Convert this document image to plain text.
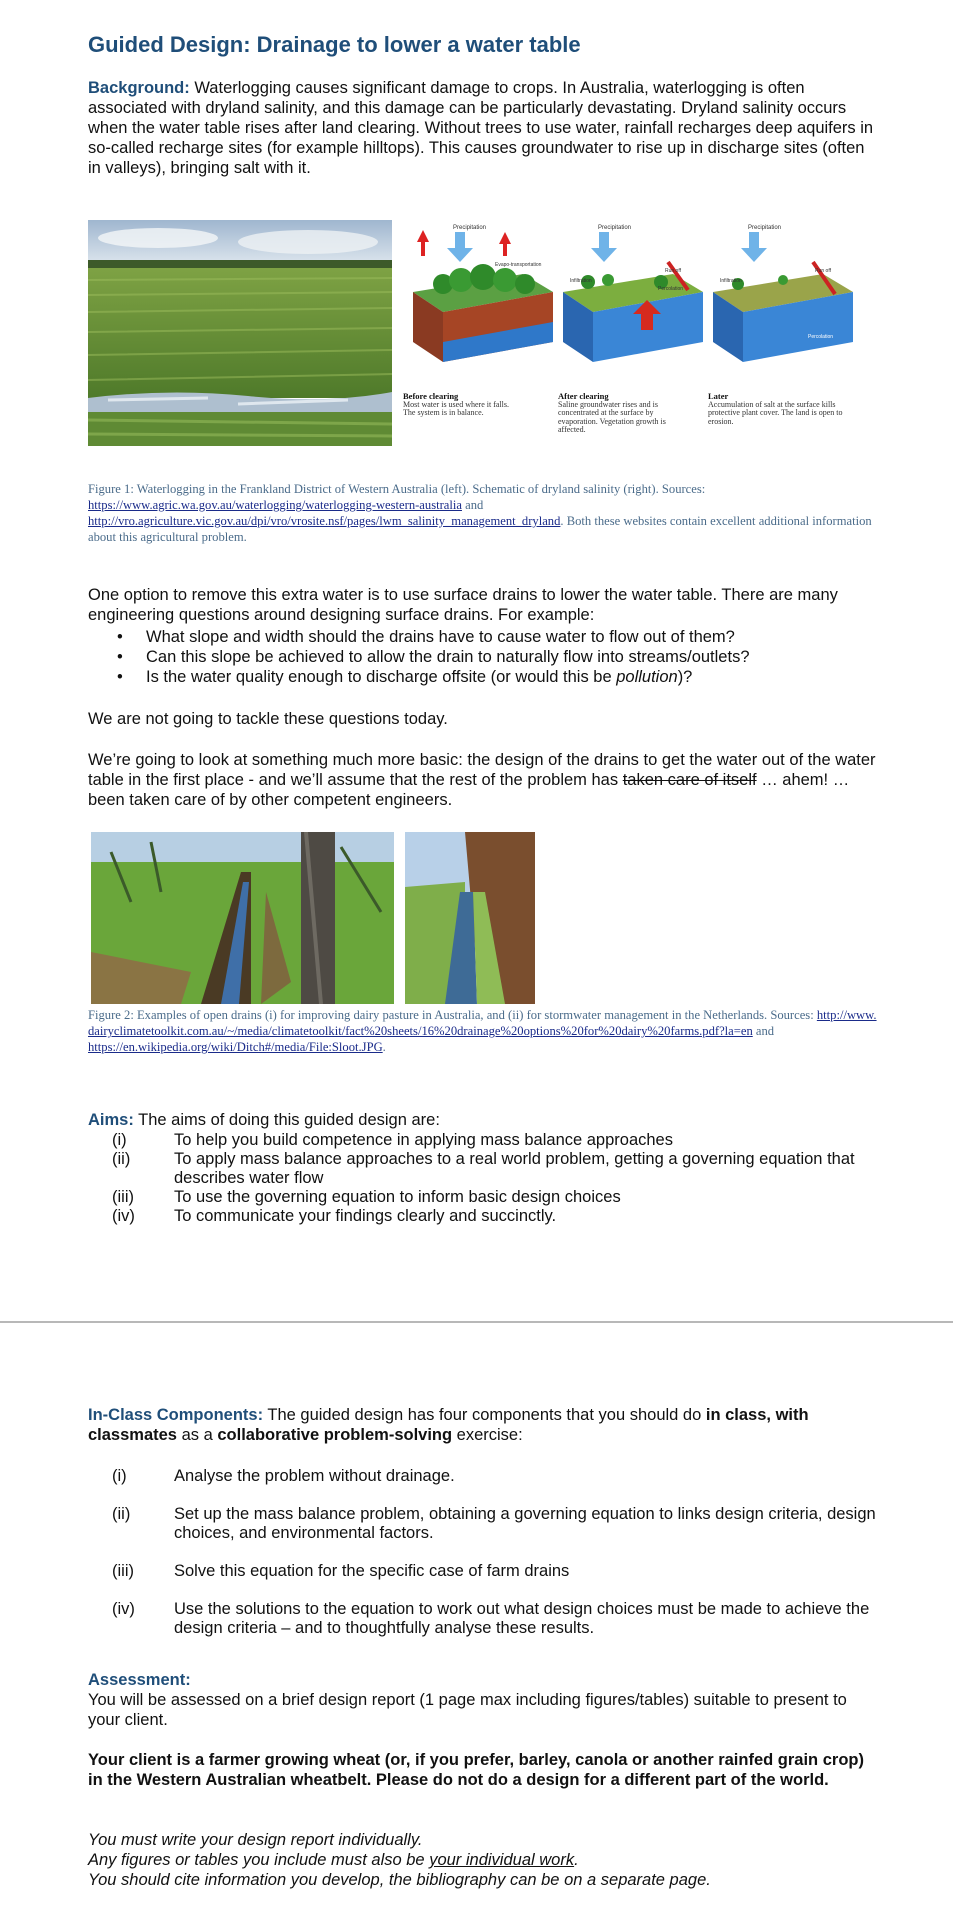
Guided Design: Drainage to lower a water table
Background: Waterlogging causes significant damage to crops. In Australia, waterlogging is often associated with dryland salinity, and this damage can be particularly devastating. Dryland salinity occurs when the water table rises after land clearing. Without trees to use water, rainfall recharges deep aquifers in so-called recharge sites (for example hilltops). This causes groundwater to rise up in discharge sites (often in valleys), bringing salt with it.
Precipitation	Precipitation	Precipitation
Evapo-transportation
Infiltration
Run off
Infiltration
Run off
Percolation
Percolation
Before clearing
Most water is used where it falls. The system is in balance.
After clearing
Saline groundwater rises and is concentrated at the surface by evaporation. Vegetation growth is affected.
Later
Accumulation of salt at the surface kills protective plant cover. The land is open to erosion.
Figure 1: Waterlogging in the Frankland District of Western Australia (left). Schematic of dryland salinity (right). Sources: https://www.agric.wa.gov.au/waterlogging/waterlogging-western-australia and http://vro.agriculture.vic.gov.au/dpi/vro/vrosite.nsf/pages/lwm_salinity_management_dryland. Both these websites contain excellent additional information about this agricultural problem.
One option to remove this extra water is to use surface drains to lower the water table. There are many engineering questions around designing surface drains. For example:
• What slope and width should the drains have to cause water to flow out of them?
• Can this slope be achieved to allow the drain to naturally flow into streams/outlets?
• Is the water quality enough to discharge offsite (or would this be pollution)?
We are not going to tackle these questions today.
We’re going to look at something much more basic: the design of the drains to get the water out of the water table in the first place - and we’ll assume that the rest of the problem has taken care of itself … ahem! …been taken care of by other competent engineers.
Figure 2: Examples of open drains (i) for improving dairy pasture in Australia, and (ii) for stormwater management in the Netherlands. Sources: http://www.dairyclimatetoolkit.com.au/~/media/climatetoolkit/fact%20sheets/16%20drainage%20options%20for%20dairy%20farms.pdf?la=en and https://en.wikipedia.org/wiki/Ditch#/media/File:Sloot.JPG.
Aims: The aims of doing this guided design are:
(i)	To help you build competence in applying mass balance approaches
(ii)	To apply mass balance approaches to a real world problem, getting a governing equation that describes water flow
(iii)	To use the governing equation to inform basic design choices
(iv)	To communicate your findings clearly and succinctly.
In-Class Components: The guided design has four components that you should do in class, with classmates as a collaborative problem-solving exercise:
(i)	Analyse the problem without drainage.
(ii)	Set up the mass balance problem, obtaining a governing equation to links design criteria, design choices, and environmental factors.
(iii)	Solve this equation for the specific case of farm drains
(iv)	Use the solutions to the equation to work out what design choices must be made to achieve the design criteria – and to thoughtfully analyse these results.
Assessment:
You will be assessed on a brief design report (1 page max including figures/tables) suitable to present to your client.
Your client is a farmer growing wheat (or, if you prefer, barley, canola or another rainfed grain crop) in the Western Australian wheatbelt. Please do not do a design for a different part of the world.
You must write your design report individually.
Any figures or tables you include must also be your individual work.
You should cite information you develop, the bibliography can be on a separate page.
